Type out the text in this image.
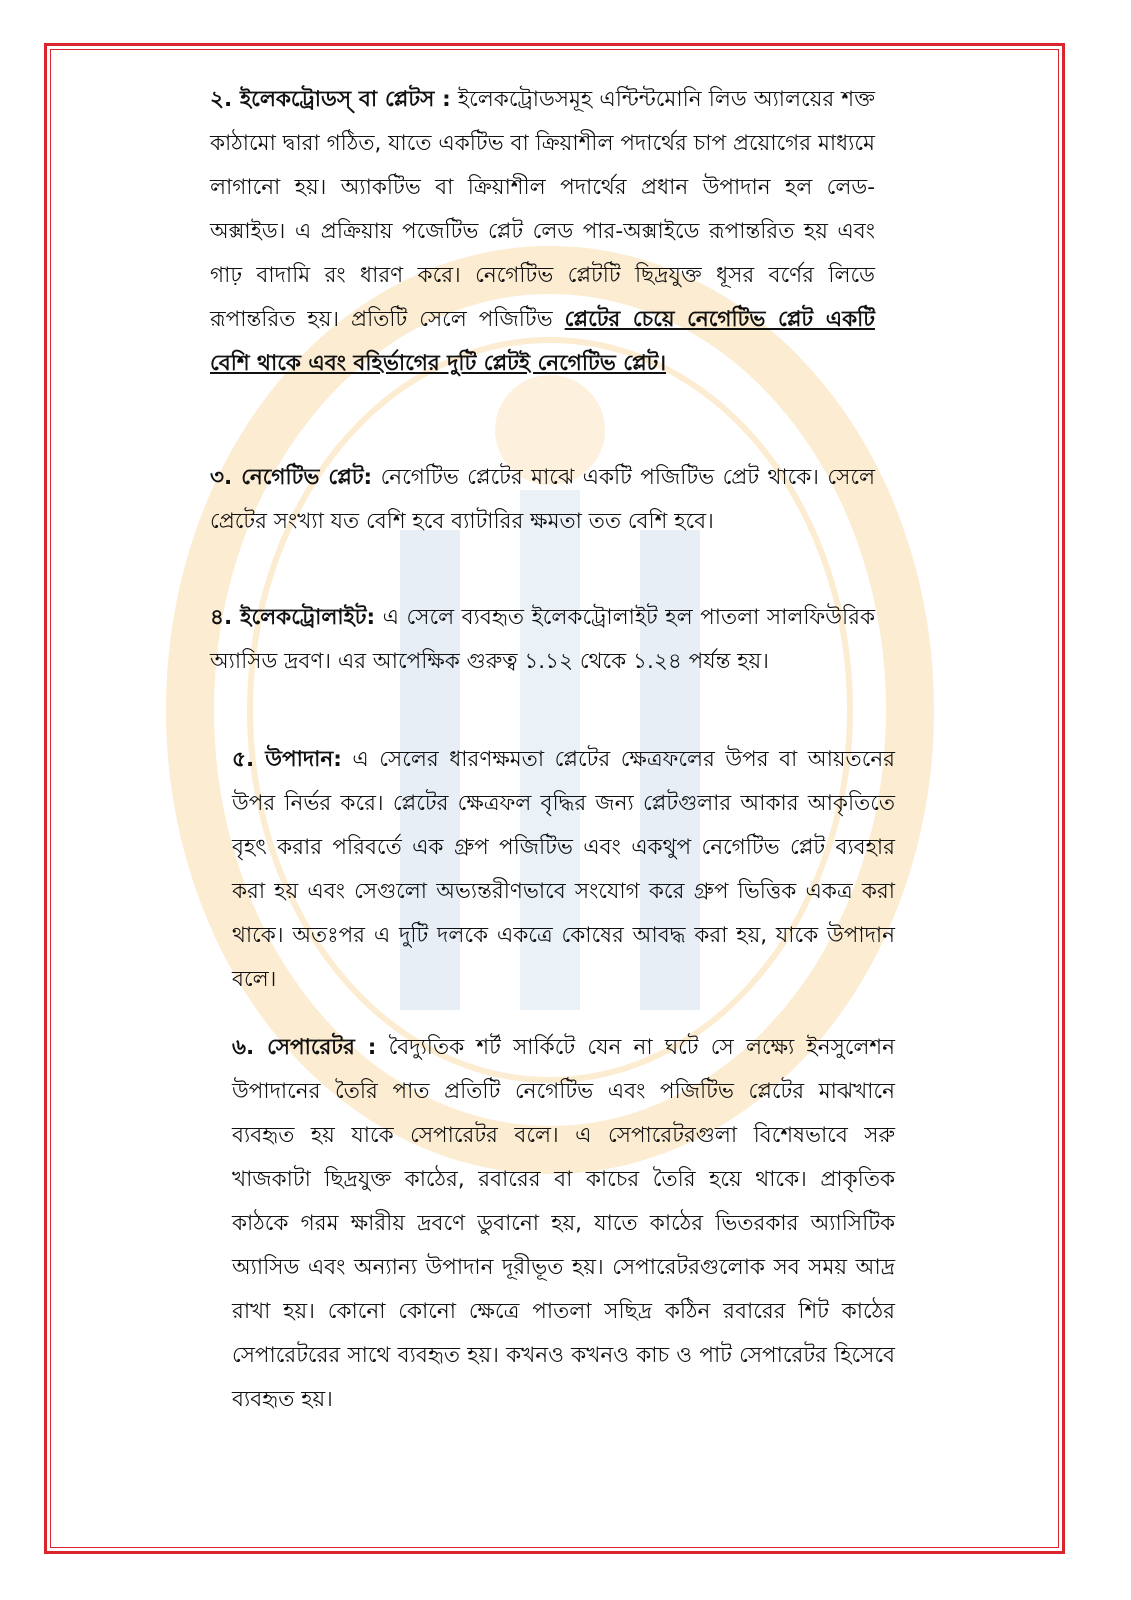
২. ইলেকট্রোডস্ বা প্লেটস : ইলেকট্রোডসমূহ এন্টিন্টমোনি লিড অ্যালয়ের শক্ত কাঠামো দ্বারা গঠিত, যাতে একটিভ বা ক্রিয়াশীল পদার্থের চাপ প্রয়োগের মাধ্যমে লাগানো হয়। অ্যাকটিভ বা ক্রিয়াশীল পদার্থের প্রধান উপাদান হল লেড-অক্সাইড। এ প্রক্রিয়ায় পজেটিভ প্লেট লেড পার-অক্সাইডে রূপান্তরিত হয় এবং গাঢ় বাদামি রং ধারণ করে। নেগেটিভ প্লেটটি ছিদ্রযুক্ত ধূসর বর্ণের লিডে রূপান্তরিত হয়। প্রতিটি সেলে পজিটিভ প্লেটের চেয়ে নেগেটিভ প্লেট একটি বেশি থাকে এবং বহির্ভাগের দুটি প্লেটই নেগেটিভ প্লেট।

৩. নেগেটিভ প্লেট: নেগেটিভ প্লেটের মাঝে একটি পজিটিভ প্রেট থাকে। সেলে প্রেটের সংখ্যা যত বেশি হবে ব্যাটারির ক্ষমতা তত বেশি হবে।

৪. ইলেকট্রোলাইট: এ সেলে ব্যবহৃত ইলেকট্রোলাইট হল পাতলা সালফিউরিক অ্যাসিড দ্রবণ। এর আপেক্ষিক গুরুত্ব ১.১২ থেকে ১.২৪ পর্যন্ত হয়।

৫. উপাদান: এ সেলের ধারণক্ষমতা প্লেটের ক্ষেত্রফলের উপর বা আয়তনের উপর নির্ভর করে। প্লেটের ক্ষেত্রফল বৃদ্ধির জন্য প্লেটগুলার আকার আকৃতিতে বৃহৎ করার পরিবর্তে এক গ্রুপ পজিটিভ এবং একথুপ নেগেটিভ প্লেট ব্যবহার করা হয় এবং সেগুলো অভ্যন্তরীণভাবে সংযোগ করে গ্রুপ ভিত্তিক একত্র করা থাকে। অতঃপর এ দুটি দলকে একত্রে কোষের আবদ্ধ করা হয়, যাকে উপাদান বলে।

৬. সেপারেটর : বৈদ্যুতিক শর্ট সার্কিটে যেন না ঘটে সে লক্ষ্যে ইনসুলেশন উপাদানের তৈরি পাত প্রতিটি নেগেটিভ এবং পজিটিভ প্লেটের মাঝখানে ব্যবহৃত হয় যাকে সেপারেটর বলে। এ সেপারেটরগুলা বিশেষভাবে সরু খাজকাটা ছিদ্রযুক্ত কাঠের, রবারের বা কাচের তৈরি হয়ে থাকে। প্রাকৃতিক কাঠকে গরম ক্ষারীয় দ্রবণে ডুবানো হয়, যাতে কাঠের ভিতরকার অ্যাসিটিক অ্যাসিড এবং অন্যান্য উপাদান দূরীভূত হয়। সেপারেটরগুলোক সব সময় আদ্র রাখা হয়। কোনো কোনো ক্ষেত্রে পাতলা সছিদ্র কঠিন রবারের শিট কাঠের সেপারেটরের সাথে ব্যবহৃত হয়। কখনও কখনও কাচ ও পাট সেপারেটর হিসেবে ব্যবহৃত হয়।
